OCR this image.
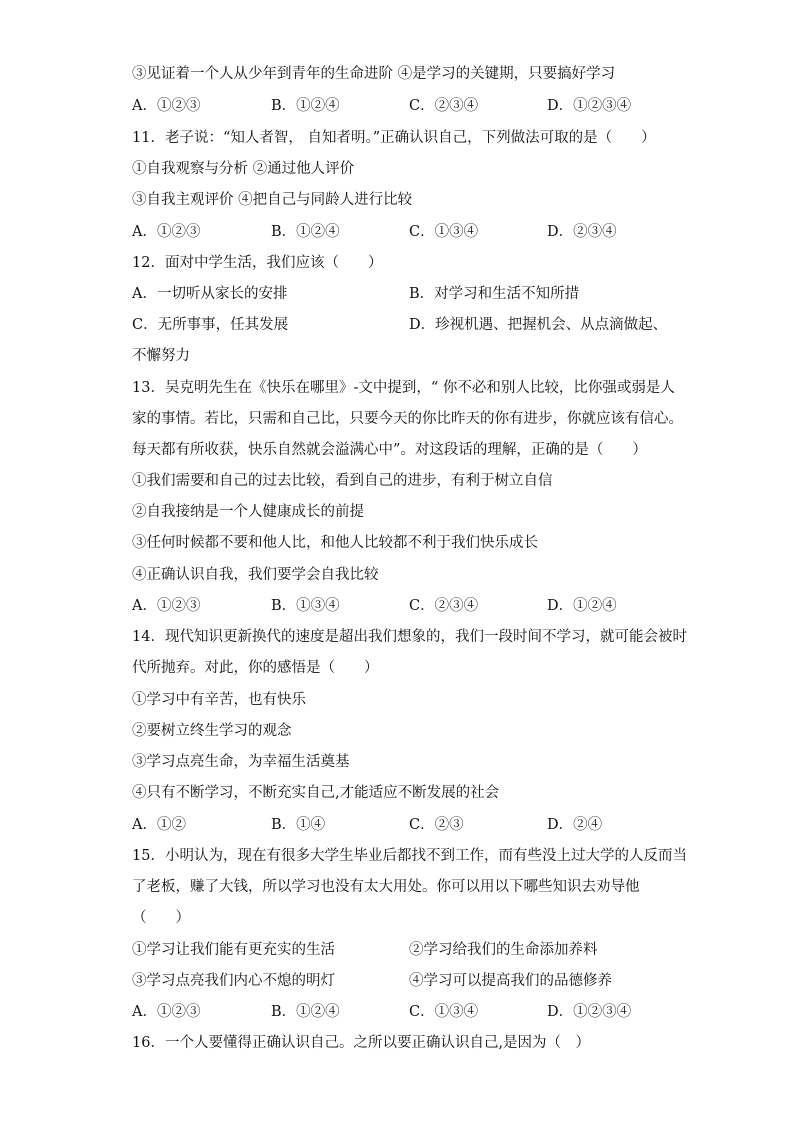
③见证着一个人从少年到青年的生命进阶 ④是学习的关键期，只要搞好学习
A．①②③	B．①②④	C．②③④	D．①②③④
11．老子说：“知人者智， 自知者明。”正确认识自己，下列做法可取的是（　　）
①自我观察与分析 ②通过他人评价
③自我主观评价 ④把自己与同龄人进行比较
A．①②③	B．①②④	C．①③④	D．②③④
12．面对中学生活，我们应该（　　）
A．一切听从家长的安排	B．对学习和生活不知所措
C．无所事事，任其发展	D．珍视机遇、把握机会、从点滴做起、
不懈努力
13．吴克明先生在《快乐在哪里》-文中提到，“ 你不必和别人比较，比你强或弱是人
家的事情。若比，只需和自己比，只要今天的你比昨天的你有进步，你就应该有信心。
每天都有所收获，快乐自然就会溢满心中”。对这段话的理解，正确的是（　　）
①我们需要和自己的过去比较，看到自己的进步，有利于树立自信
②自我接纳是一个人健康成长的前提
③任何时候都不要和他人比，和他人比较都不利于我们快乐成长
④正确认识自我，我们要学会自我比较
A．①②③	B．①③④	C．②③④	D．①②④
14．现代知识更新换代的速度是超出我们想象的，我们一段时间不学习，就可能会被时
代所抛弃。对此，你的感悟是（　　）
①学习中有辛苦，也有快乐
②要树立终生学习的观念
③学习点亮生命，为幸福生活奠基
④只有不断学习，不断充实自己,才能适应不断发展的社会
A．①②	B．①④	C．②③	D．②④
15．小明认为，现在有很多大学生毕业后都找不到工作，而有些没上过大学的人反而当
了老板，赚了大钱，所以学习也没有太大用处。你可以用以下哪些知识去劝导他
（　　）
①学习让我们能有更充实的生活	②学习给我们的生命添加养料
③学习点亮我们内心不熄的明灯	④学习可以提高我们的品德修养
A．①②③	B．①②④	C．①③④	D．①②③④
16．一个人要懂得正确认识自己。之所以要正确认识自己,是因为（　）
